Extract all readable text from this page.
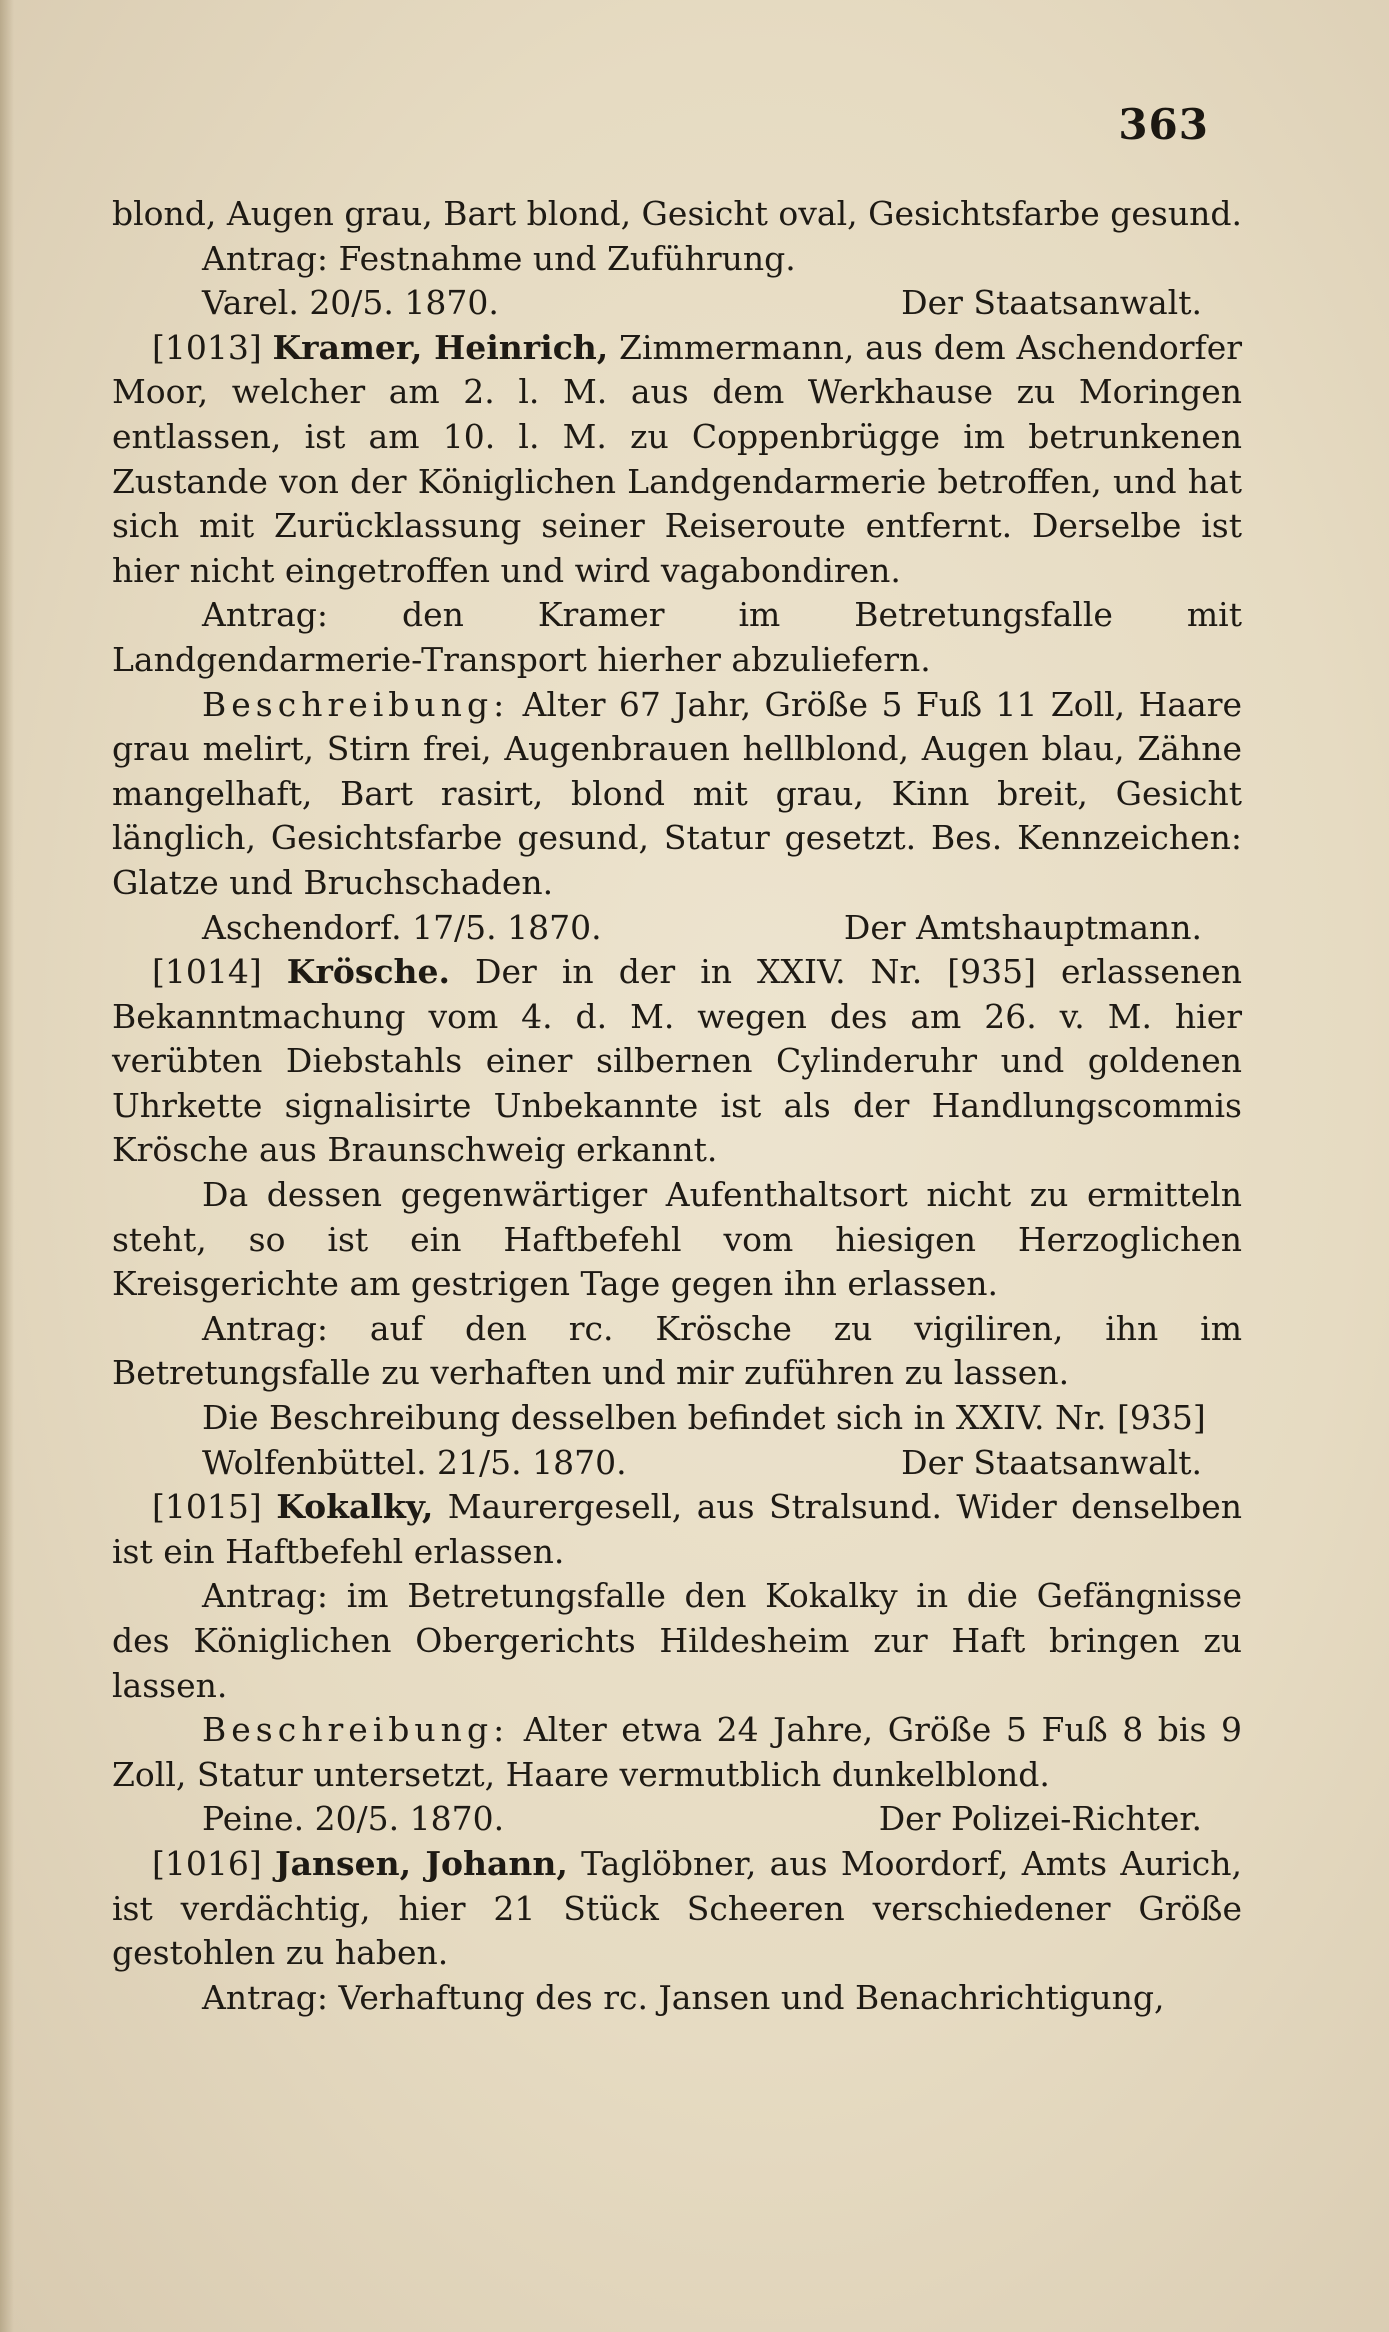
363

blond, Augen grau, Bart blond, Gesicht oval, Gesichtsfarbe gesund.

Antrag: Festnahme und Zuführung.

Varel. 20/5. 1870.	Der Staatsanwalt.

[1013] Kramer, Heinrich, Zimmermann, aus dem Aschendorfer Moor, welcher am 2. l. M. aus dem Werkhause zu Moringen entlassen, ist am 10. l. M. zu Coppenbrügge im betrunkenen Zustande von der Königlichen Landgendarmerie betroffen, und hat sich mit Zurücklassung seiner Reiseroute entfernt. Derselbe ist hier nicht eingetroffen und wird vagabondiren.

Antrag: den Kramer im Betretungsfalle mit Landgendarmerie-Transport hierher abzuliefern.

Beschreibung: Alter 67 Jahr, Größe 5 Fuß 11 Zoll, Haare grau melirt, Stirn frei, Augenbrauen hellblond, Augen blau, Zähne mangelhaft, Bart rasirt, blond mit grau, Kinn breit, Gesicht länglich, Gesichtsfarbe gesund, Statur gesetzt. Bes. Kennzeichen: Glatze und Bruchschaden.

Aschendorf. 17/5. 1870.	Der Amtshauptmann.

[1014] Krösche. Der in der in XXIV. Nr. [935] erlassenen Bekanntmachung vom 4. d. M. wegen des am 26. v. M. hier verübten Diebstahls einer silbernen Cylinderuhr und goldenen Uhrkette signalisirte Unbekannte ist als der Handlungscommis Krösche aus Braunschweig erkannt.

Da dessen gegenwärtiger Aufenthaltsort nicht zu ermitteln steht, so ist ein Haftbefehl vom hiesigen Herzoglichen Kreisgerichte am gestrigen Tage gegen ihn erlassen.

Antrag: auf den rc. Krösche zu vigiliren, ihn im Betretungsfalle zu verhaften und mir zuführen zu lassen.

Die Beschreibung desselben befindet sich in XXIV. Nr. [935]

Wolfenbüttel. 21/5. 1870.	Der Staatsanwalt.

[1015] Kokalky, Maurergesell, aus Stralsund. Wider denselben ist ein Haftbefehl erlassen.

Antrag: im Betretungsfalle den Kokalky in die Gefängnisse des Königlichen Obergerichts Hildesheim zur Haft bringen zu lassen.

Beschreibung: Alter etwa 24 Jahre, Größe 5 Fuß 8 bis 9 Zoll, Statur untersetzt, Haare vermutblich dunkelblond.

Peine. 20/5. 1870.	Der Polizei-Richter.

[1016] Jansen, Johann, Taglöbner, aus Moordorf, Amts Aurich, ist verdächtig, hier 21 Stück Scheeren verschiedener Größe gestohlen zu haben.

Antrag: Verhaftung des rc. Jansen und Benachrichtigung,
